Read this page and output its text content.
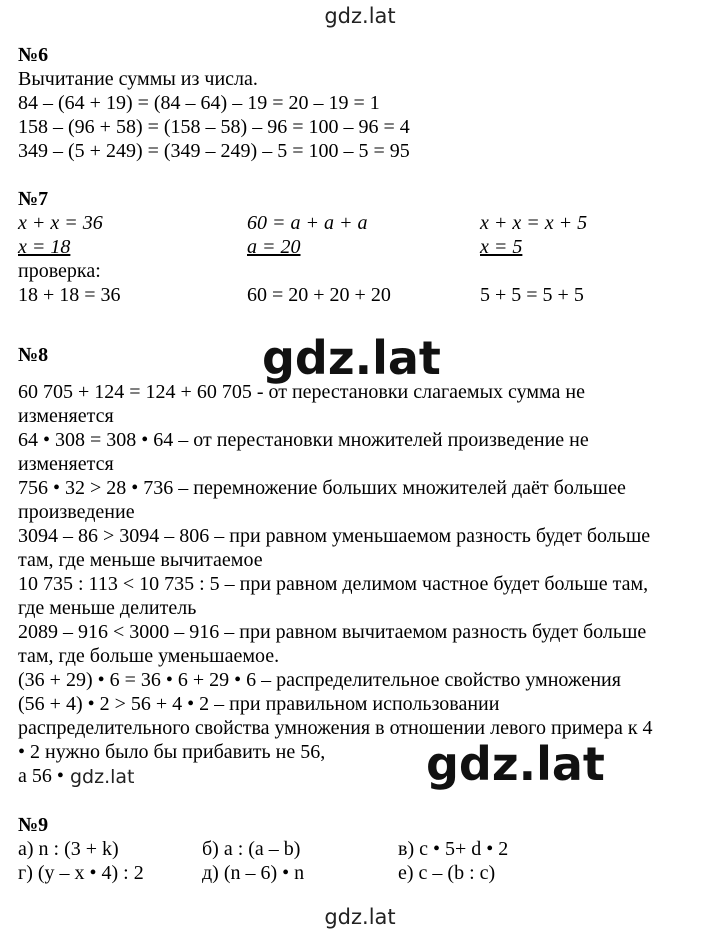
gdz.lat
№6
Вычитание суммы из числа.
84 – (64 + 19) = (84 – 64) – 19 = 20 – 19 = 1
158 – (96 + 58) = (158 – 58) – 96 = 100 – 96 = 4
349 – (5 + 249) = (349 – 249) – 5 = 100 – 5 = 95
№7
x + x = 36	60 = a + a + a	x + x = x + 5
x = 18	a = 20	x = 5
проверка:
18 + 18 = 36	60 = 20 + 20 + 20	5 + 5 = 5 + 5
№8
60 705 + 124 = 124 + 60 705 - от перестановки слагаемых сумма не
изменяется
64 • 308 = 308 • 64 – от перестановки множителей произведение не
изменяется
756 • 32 > 28 • 736 – перемножение больших множителей даёт большее
произведение
3094 – 86 > 3094 – 806 – при равном уменьшаемом разность будет больше
там, где меньше вычитаемое
10 735 : 113 < 10 735 : 5 – при равном делимом частное будет больше там,
где меньше делитель
2089 – 916 < 3000 – 916 – при равном вычитаемом разность будет больше
там, где больше уменьшаемое.
(36 + 29) • 6 = 36 • 6 + 29 • 6 – распределительное свойство умножения
(56 + 4) • 2 > 56 + 4 • 2 – при правильном использовании
распределительного свойства умножения в отношении левого примера к 4
• 2 нужно было бы прибавить не 56,
а 56 •
gdz.lat
gdz.lat
gdz.lat
№9
а) n : (3 + k)	б) a : (a – b)	в) c • 5+ d • 2
г) (y – x • 4) : 2	д) (n – 6) • n	е) c – (b : c)
gdz.lat
